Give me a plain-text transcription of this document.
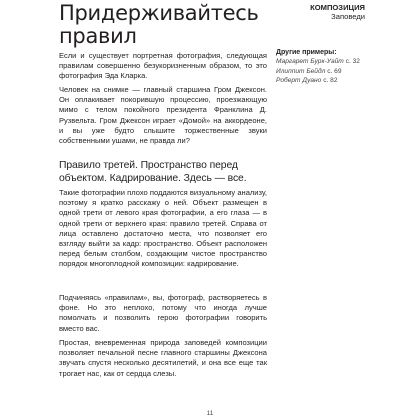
Придерживайтесь
правил
КОМПОЗИЦИЯ
Заповеди

Если и существует портретная фотография, следующая правилам совершенно безукоризненным образом, то это фотография Эда Кларка.

Человек на снимке — главный старшина Гром Джексон. Он оплакивает покорившую процессию, проезжающую мимо с телом покойного президента Франклина Д. Рузвельта. Гром Джексон играет «Домой» на аккордеоне, и вы уже будто слышите торжественные звуки собственными ушами, не правда ли?

Правило третей. Пространство перед объектом. Кадрирование. Здесь — все.

Такие фотографии плохо поддаются визуальному анализу, поэтому я кратко расскажу о ней. Объект размещен в одной трети от левого края фотографии, а его глаза — в одной трети от верхнего края: правило третей. Справа от лица оставлено достаточно места, что позволяет его взгляду выйти за кадр: пространство. Объект расположен перед белым столбом, создающим чистое пространство порядок многоплодной композиции: кадрирование.

Подчиняясь «правилам», вы, фотограф, растворяетесь в фоне. Но это неплохо, потому что иногда лучше помолчать и позволить герою фотографии говорить вместо вас.

Простая, вневременная природа заповедей композиции позволяет печальной песне главного старшины Джексона звучать спустя несколько десятилетий, и она все еще так трогает нас, как от сердца слезы.

Другие примеры:
Маргарет Бурк-Уайт с. 32
Илиппит Бейдл с. 69
Роберт Дуано с. 82
11
